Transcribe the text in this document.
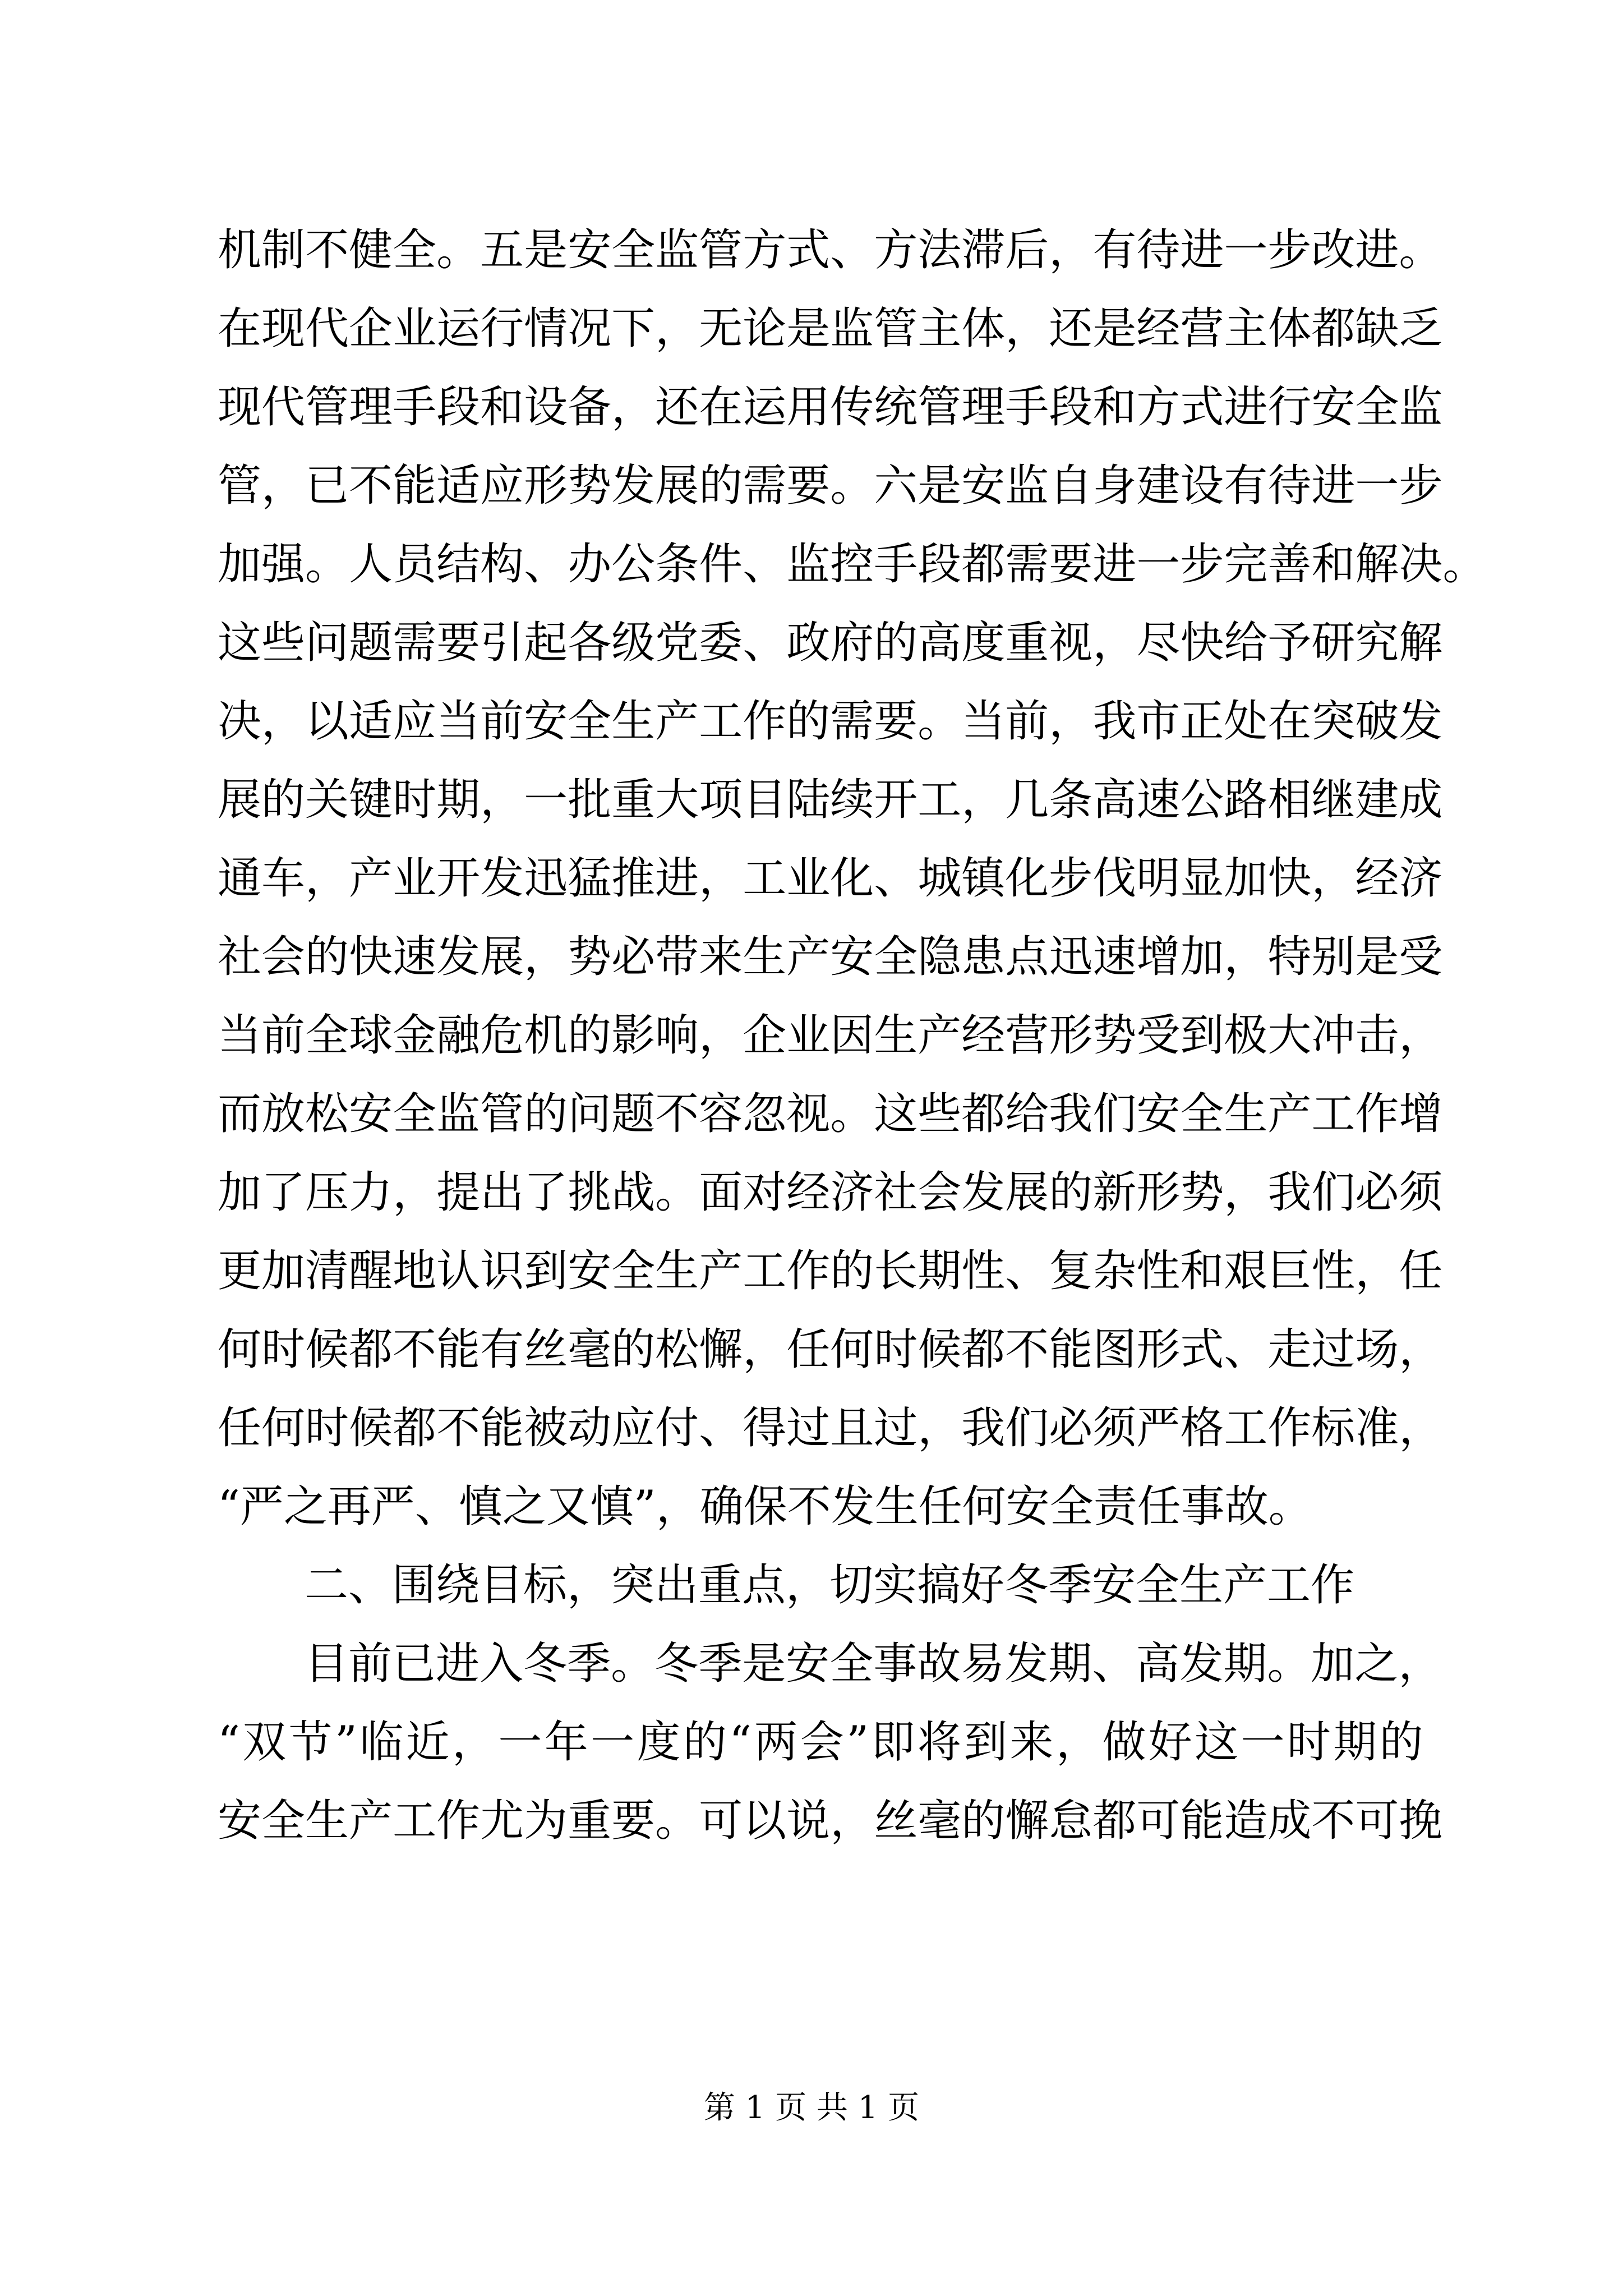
机 制 不 健 全 。 五 是 安 全 监 管 方 式 、 方 法 滞 后 ， 有 待 进 一 步 改 进 。
在 现 代 企 业 运 行 情 况 下 ， 无 论 是 监 管 主 体 ， 还 是 经 营 主 体 都 缺 乏
现 代 管 理 手 段 和 设 备 ， 还 在 运 用 传 统 管 理 手 段 和 方 式 进 行 安 全 监
管 ， 已 不 能 适 应 形 势 发 展 的 需 要 。 六 是 安 监 自 身 建 设 有 待 进 一 步
加 强 。 人 员 结 构 、 办 公 条 件 、 监 控 手 段 都 需 要 进 一 步 完 善 和 解 决 。
这 些 问 题 需 要 引 起 各 级 党 委 、 政 府 的 高 度 重 视 ， 尽 快 给 予 研 究 解
决 ， 以 适 应 当 前 安 全 生 产 工 作 的 需 要 。 当 前 ， 我 市 正 处 在 突 破 发
展 的 关 键 时 期 ， 一 批 重 大 项 目 陆 续 开 工 ， 几 条 高 速 公 路 相 继 建 成
通 车 ， 产 业 开 发 迅 猛 推 进 ， 工 业 化 、 城 镇 化 步 伐 明 显 加 快 ， 经 济
社 会 的 快 速 发 展 ， 势 必 带 来 生 产 安 全 隐 患 点 迅 速 增 加 ， 特 别 是 受
当 前 全 球 金 融 危 机 的 影 响 ， 企 业 因 生 产 经 营 形 势 受 到 极 大 冲 击 ，
而 放 松 安 全 监 管 的 问 题 不 容 忽 视 。 这 些 都 给 我 们 安 全 生 产 工 作 增
加 了 压 力 ， 提 出 了 挑 战 。 面 对 经 济 社 会 发 展 的 新 形 势 ， 我 们 必 须
更 加 清 醒 地 认 识 到 安 全 生 产 工 作 的 长 期 性 、 复 杂 性 和 艰 巨 性 ， 任
何 时 候 都 不 能 有 丝 毫 的 松 懈 ， 任 何 时 候 都 不 能 图 形 式 、 走 过 场 ，
任 何 时 候 都 不 能 被 动 应 付 、 得 过 且 过 ， 我 们 必 须 严 格 工 作 标 准 ，
“严之再严、慎之又慎”，确保不发生任何安全责任事故。
二、围绕目标，突出重点，切实搞好冬季安全生产工作
目 前 已 进 入 冬 季 。 冬 季 是 安 全 事 故 易 发 期 、 高 发 期 。 加 之 ，
“ 双 节 ” 临 近 ， 一 年 一 度 的 “ 两 会 ” 即 将 到 来 ， 做 好 这 一 时 期 的
安 全 生 产 工 作 尤 为 重 要 。 可 以 说 ， 丝 毫 的 懈 怠 都 可 能 造 成 不 可 挽
第 1 页 共 1 页
